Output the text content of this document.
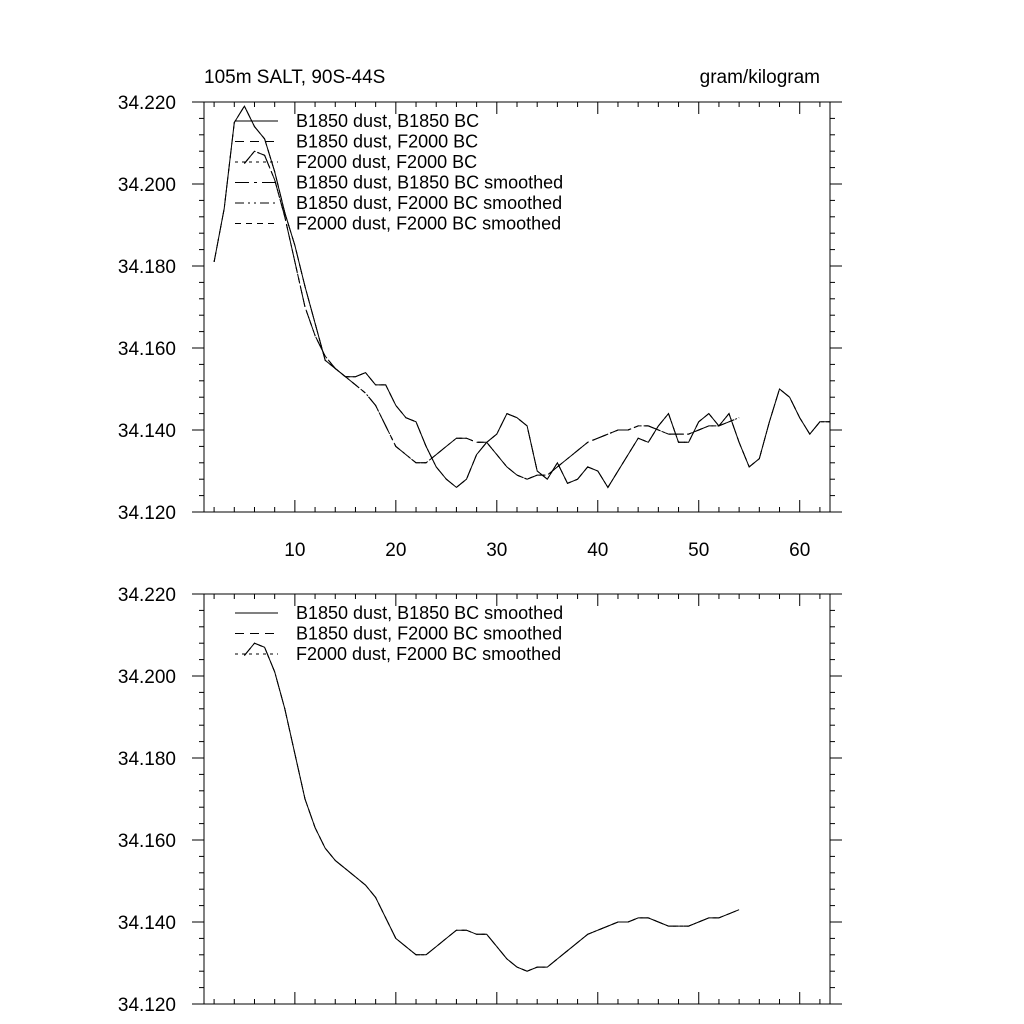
105m SALT, 90S-44S	gram/kilogram
10	20	30	40	50	60
34.120
34.140
34.160
34.180
34.200
34.220
B1850 dust, B1850 BC
B1850 dust, F2000 BC
F2000 dust, F2000 BC
B1850 dust, B1850 BC smoothed
B1850 dust, F2000 BC smoothed
F2000 dust, F2000 BC smoothed
34.120
34.140
34.160
34.180
34.200
34.220
B1850 dust, B1850 BC smoothed
B1850 dust, F2000 BC smoothed
F2000 dust, F2000 BC smoothed
